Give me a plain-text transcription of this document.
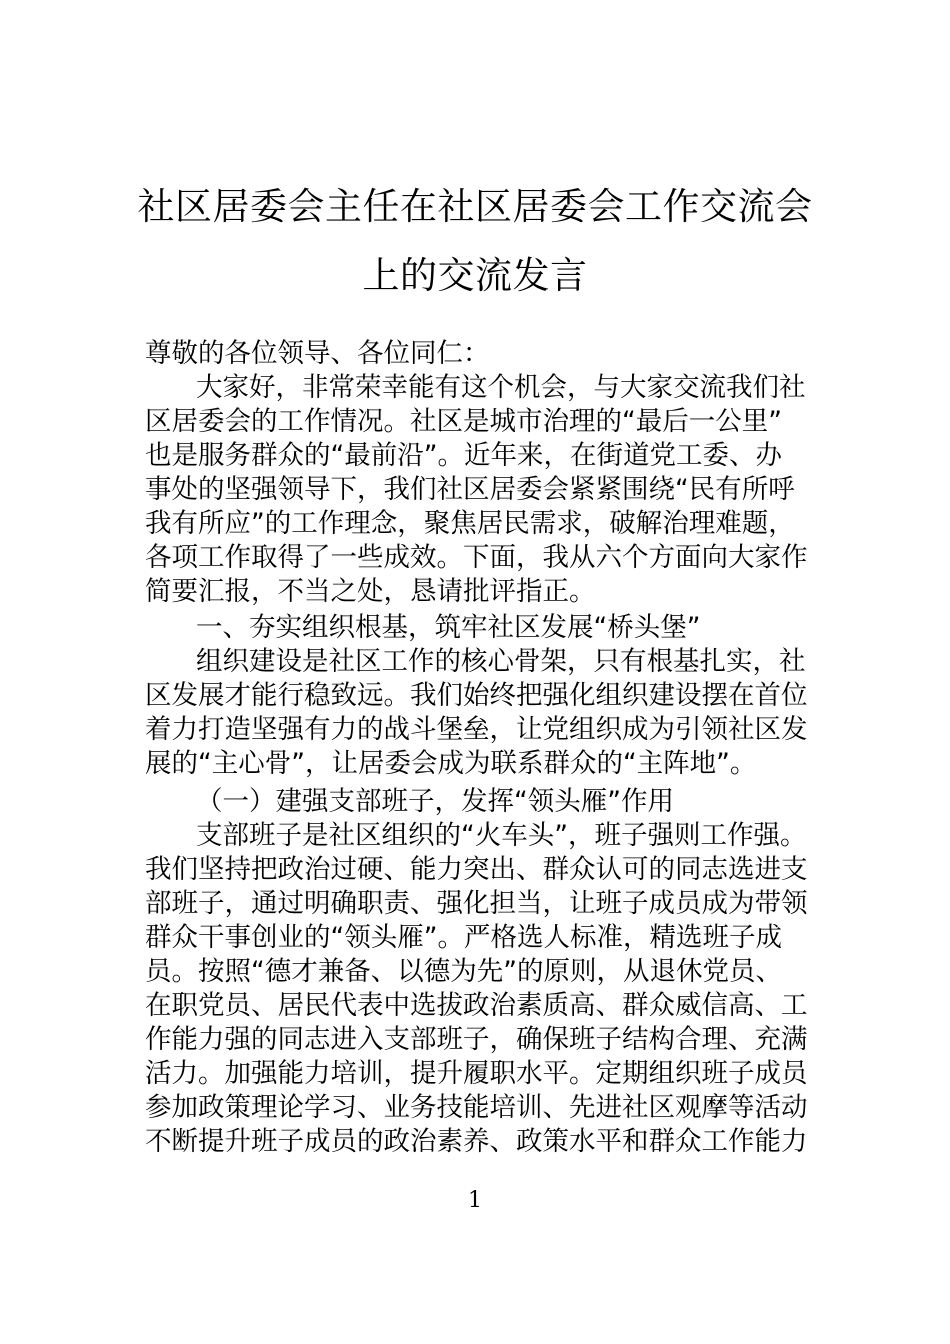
社区居委会主任在社区居委会工作交流会
上的交流发言
尊敬的各位领导、各位同仁：
大家好，非常荣幸能有这个机会，与大家交流我们社
区居委会的工作情况。社区是城市治理的“最后一公里”
也是服务群众的“最前沿”。近年来，在街道党工委、办
事处的坚强领导下，我们社区居委会紧紧围绕“民有所呼
我有所应”的工作理念，聚焦居民需求，破解治理难题，
各项工作取得了一些成效。下面，我从六个方面向大家作
简要汇报，不当之处，恳请批评指正。
一、夯实组织根基，筑牢社区发展“桥头堡”
组织建设是社区工作的核心骨架，只有根基扎实，社
区发展才能行稳致远。我们始终把强化组织建设摆在首位
着力打造坚强有力的战斗堡垒，让党组织成为引领社区发
展的“主心骨”，让居委会成为联系群众的“主阵地”。
（一）建强支部班子，发挥“领头雁”作用
支部班子是社区组织的“火车头”，班子强则工作强。
我们坚持把政治过硬、能力突出、群众认可的同志选进支
部班子，通过明确职责、强化担当，让班子成员成为带领
群众干事创业的“领头雁”。严格选人标准，精选班子成
员。按照“德才兼备、以德为先”的原则，从退休党员、
在职党员、居民代表中选拔政治素质高、群众威信高、工
作能力强的同志进入支部班子，确保班子结构合理、充满
活力。加强能力培训，提升履职水平。定期组织班子成员
参加政策理论学习、业务技能培训、先进社区观摩等活动
不断提升班子成员的政治素养、政策水平和群众工作能力
1
